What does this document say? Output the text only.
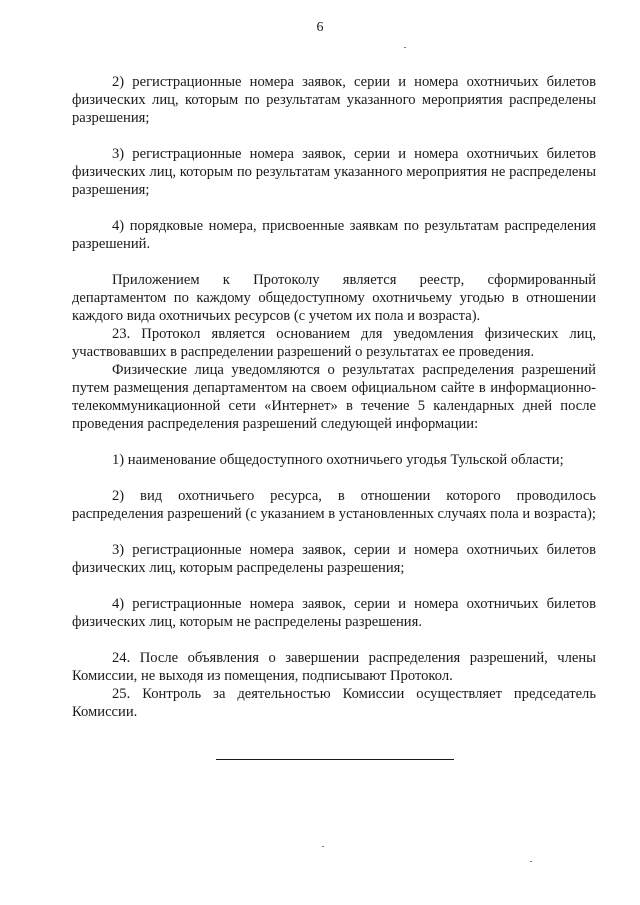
6

2) регистрационные номера заявок, серии и номера охотничьих билетов физических лиц, которым по результатам указанного мероприятия распределены разрешения;

3) регистрационные номера заявок, серии и номера охотничьих билетов физических лиц, которым по результатам указанного мероприятия не распределены разрешения;

4) порядковые номера, присвоенные заявкам по результатам распределения разрешений.

Приложением к Протоколу является реестр, сформированный департаментом по каждому общедоступному охотничьему угодью в отношении каждого вида охотничьих ресурсов (с учетом их пола и возраста).

23. Протокол является основанием для уведомления физических лиц, участвовавших в распределении разрешений о результатах ее проведения.

Физические лица уведомляются о результатах распределения разрешений путем размещения департаментом на своем официальном сайте в информационно-телекоммуникационной сети «Интернет» в течение 5 календарных дней после проведения распределения разрешений следующей информации:

1) наименование общедоступного охотничьего угодья Тульской области;

2) вид охотничьего ресурса, в отношении которого проводилось распределения разрешений (с указанием в установленных случаях пола и возраста);

3) регистрационные номера заявок, серии и номера охотничьих билетов физических лиц, которым распределены разрешения;

4) регистрационные номера заявок, серии и номера охотничьих билетов физических лиц, которым не распределены разрешения.

24. После объявления о завершении распределения разрешений, члены Комиссии, не выходя из помещения, подписывают Протокол.

25. Контроль за деятельностью Комиссии осуществляет председатель Комиссии.
